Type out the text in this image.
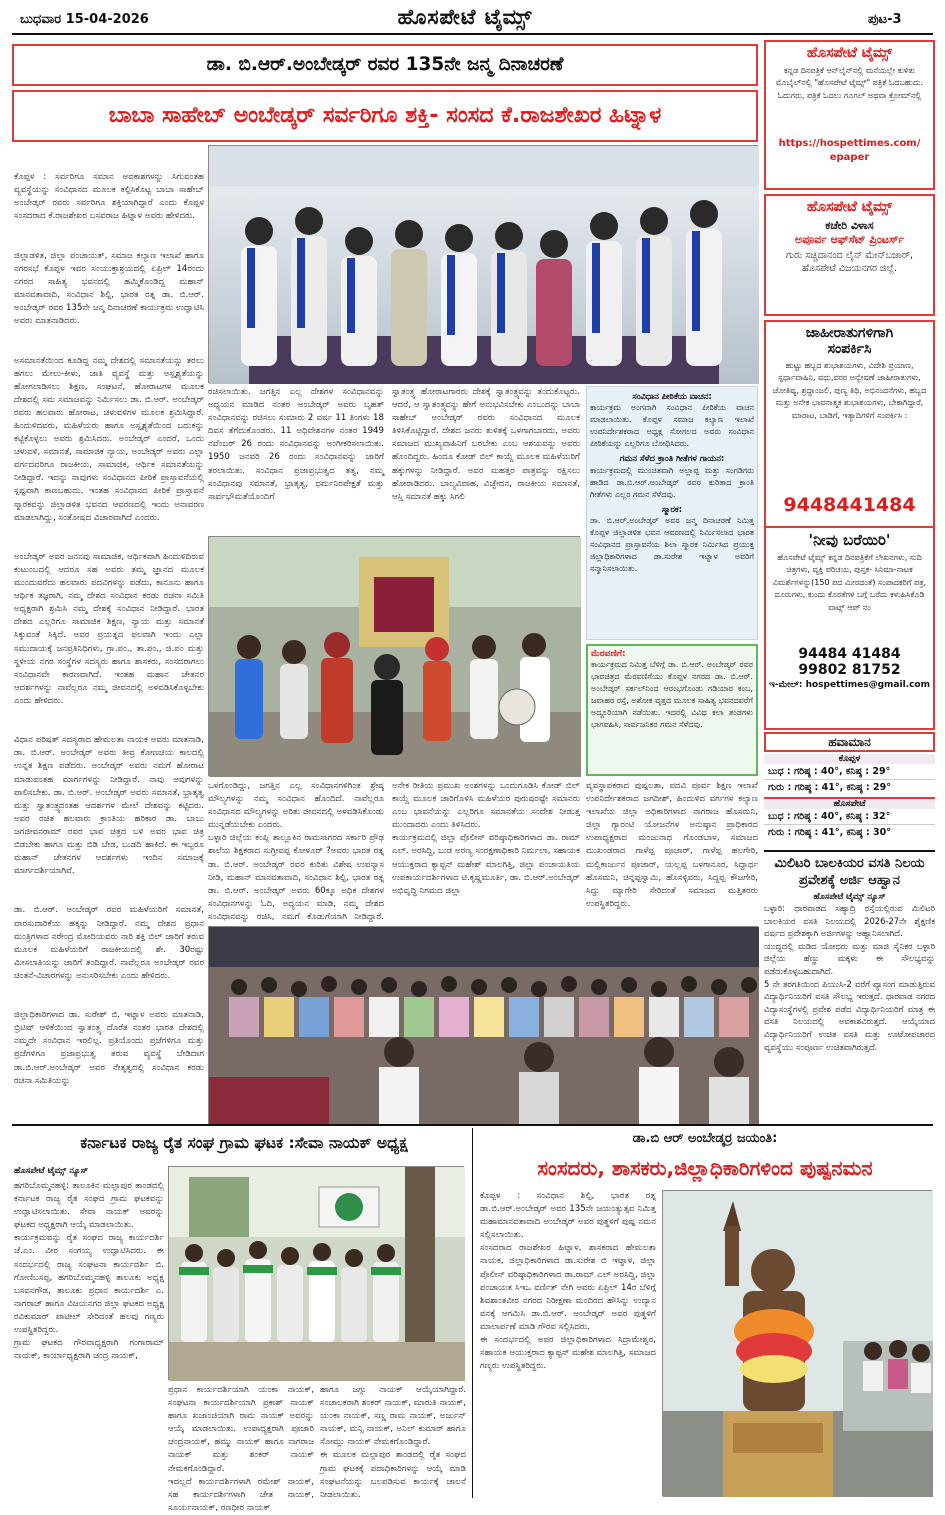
ಬುಧವಾರ 15-04-2026	ಹೊಸಪೇಟೆ ಟೈಮ್ಸ್	ಪುಟ-3
ಡಾ. ಬಿ.ಆರ್.ಅಂಬೇಡ್ಕರ್ ರವರ 135ನೇ ಜನ್ಮ ದಿನಾಚರಣೆ
ಬಾಬಾ ಸಾಹೇಬ್ ಅಂಬೇಡ್ಕರ್ ಸರ್ವರಿಗೂ ಶಕ್ತಿ- ಸಂಸದ ಕೆ.ರಾಜಶೇಖರ ಹಿಟ್ನಾಳ

ಕೊಪ್ಪಳ : ಸರ್ವರಿಗೂ ಸಮಾನ ಅವಕಾಶಗಳನ್ನು ಸಿಗುವಂತಹ ವ್ಯವಸ್ಥೆಯನ್ನು ಸಂವಿಧಾನದ ಮೂಲಕ ಕಲ್ಪಿಸಿಕೊಟ್ಟ ಬಾಬಾ ಸಾಹೇಬ್ ಅಂಬೇಡ್ಕರ್ ರವರು ಸರ್ವರಿಗೂ ಶಕ್ತಿಯಾಗಿದ್ದಾರೆ ಎಂದು ಕೊಪ್ಪಳ ಸಂಸದರಾದ ಕೆ.ರಾಜಶೇಖರ ಬಸವರಾಜ ಹಿಟ್ನಾಳ ಅವರು ಹೇಳಿದರು.

ಜಿಲ್ಲಾಡಳಿತ, ಜಿಲ್ಲಾ ಪಂಚಾಯತ್, ಸಮಾಜ ಕಲ್ಯಾಣ ಇಲಾಖೆ ಹಾಗೂ ನಗರಸಭೆ ಕೊಪ್ಪಳ ಇವರ ಸಂಯುಕ್ತಾಶ್ರಯದಲ್ಲಿ ಏಪ್ರಿಲ್ 14ರಂದು ನಗರದ ಸಾಹಿತ್ಯ ಭವನದಲ್ಲಿ ಹಮ್ಮಿಕೊಂಡಿದ್ದ ಮಹಾನ್ ಮಾನವತಾವಾದಿ, ಸಂವಿಧಾನ ಶಿಲ್ಪಿ, ಭಾರತ ರತ್ನ ಡಾ. ಬಿ.ಆರ್. ಅಂಬೇಡ್ಕರ್ ರವರ 135ನೇ ಜನ್ಮ ದಿನಾಚರಣೆ ಕಾರ್ಯಕ್ರಮ ಉದ್ಘಾಟಿಸಿ ಅವರು ಮಾತನಾಡಿದರು.

ಅಸಮಾನತೆಯಿಂದ ಕೂಡಿದ್ದ ನಮ್ಮ ದೇಶದಲ್ಲಿ ಸಮಾನತೆಯನ್ನು ತರಲು ಹಗಲು ಮೇಲು-ಕೀಳು, ಜಾತಿ ವ್ಯವಸ್ಥೆ ಮತ್ತು ಅಸ್ಪೃಶ್ಯತೆಯನ್ನು ಹೋಗಲಾಡಿಸಲು ಶಿಕ್ಷಣ, ಸಂಘಟನೆ, ಹೋರಾಟಗಳ ಮೂಲಕ ದೇಶದಲ್ಲಿ ಸಮ ಸಮಾಜವನ್ನು ನಿರ್ಮಿಸಲು ಡಾ. ಬಿ.ಆರ್. ಅಂಬೇಡ್ಕರ್ ರವರು ಹಲವಾರು ಹೋರಾಟ, ಚಳುವಳಿಗಳ ಮೂಲಕ ಶ್ರಮಿಸಿದ್ದಾರೆ. ಹಿಂದುಳಿದವರು, ಮಹಿಳೆಯರು ಹಾಗೂ ಅಸ್ಪೃಶ್ಯತೆಯಿಂದ ಬದುಕನ್ನು ಕಟ್ಟಿಕೊಳ್ಳಲು ಅವರು ಶ್ರಮಿಸಿದರು. ಅಂಬೇಡ್ಕರ್ ಎಂದರೆ, ಒಂದು ಚಳುವಳಿ, ಸಮಾನತೆ, ಸಾಮಾಜಿಕ ನ್ಯಾಯ, ಅಂಬೇಡ್ಕರ್ ಅವರು ಎಲ್ಲಾ ವರ್ಗದವರಿಗೂ ರಾಜಕೀಯ, ಸಾಮಾಜಿಕ, ಆರ್ಥಿಕ ಸಮಾನತೆಯನ್ನು ನೀಡಿದ್ದಾರೆ. ಇದನ್ನು ನಾವುಗಳು ಸಂವಿಧಾನದ ಪೀಠಿಕೆ ಪ್ರಾಸ್ತಾವನೆಯಲ್ಲಿ ಸ್ಪಷ್ಟವಾಗಿ ಕಾಣಬಹುದು. ಇಂತಹ ಸಂವಿಧಾನದ ಪೀಠಿಕೆ ಪ್ರಾಸ್ತಾವನೆ ಸ್ಮಾರಕವನ್ನು ಜಿಲ್ಲಾಡಳಿತ ಭವನದ ಆವರಣದಲ್ಲಿ ಇಂದು ಅನಾವರಣ ಮಾಡಲಾಗಿದ್ದು, ಸಂತೋಷದ ವಿಚಾರವಾಗಿದೆ ಎಂದರು.

ಅಂಬೇಡ್ಕರ್ ಅವರ ಜನನವು ಸಾಮಾಜಿಕ, ಆರ್ಥಿಕವಾಗಿ ಹಿಂದುಳಿದಿರುವ ಕುಟುಂಬದಲ್ಲಿ ಆದರೂ ಸಹ ಅವರು ತಮ್ಮ ಜ್ಞಾನದ ಮೂಲಕ ಮುಂದುವರೆದು ಹಲವಾರು ಪದವಿಗಳನ್ನು ಪಡೆದು, ಕಾನೂನು ಹಾಗೂ ಆರ್ಥಿಕ ತಜ್ಞರಾಗಿ, ನಮ್ಮ ದೇಶದ ಸಂವಿಧಾನ ಕರಡು ರಚನಾ ಸಮಿತಿ ಅಧ್ಯಕ್ಷರಾಗಿ ಶ್ರಮಿಸಿ ನಮ್ಮ ದೇಶಕ್ಕೆ ಸಂವಿಧಾನ ನೀಡಿದ್ದಾರೆ. ಭಾರತ ದೇಶದ ಎಲ್ಲರಿಗೂ ಸಾಮಾಜಿಕ ಶಿಕ್ಷಣ, ನ್ಯಾಯ ಮತ್ತು ಸಮಾನತೆ ಸಿಕ್ಕುವಂತೆ ಸಿಕ್ಕಿದೆ. ಅವರ ಪ್ರಯತ್ನದ ಫಲವಾಗಿ ಇಂದು ಎಲ್ಲಾ ಸಮುದಾಯಕ್ಕೆ ಜನಪ್ರತಿನಿಧಿಗಳು, ಗ್ರಾ.ಪಂ., ತಾ.ಪಂ., ಜಿ.ಪಂ ಮತ್ತು ಸ್ಥಳೀಯ ನಗರ ಸಂಸ್ಥೆಗಳ ಸದಸ್ಯರು ಹಾಗೂ ಶಾಸಕರು, ಸಂಸದರಾಗಲು ಸಂವಿಧಾನವೇ ಕಾರಣವಾಗಿದೆ. ಇಂತಹ ಮಹಾನ ಚೇತನರ ಆದರ್ಶಗಳನ್ನು ನಾವೆಲ್ಲರೂ ನಮ್ಮ ಜೀವನದಲ್ಲಿ ಅಳವಡಿಸಿಕೊಳ್ಳಬೇಕು ಎಂದು ಹೇಳಿದರು.

ವಿಧಾನ ಪರಿಷತ್ ಸದಸ್ಯರಾದ ಹೇಮಲತಾ ನಾಯಕ ಅವರು ಮಾತನಾಡಿ, ಡಾ. ಬಿ.ಆರ್. ಅಂಬೇಡ್ಕರ್ ಅವರು ತೀವ್ರ ಕೋಣಚಿಯ ಕಾಲದಲ್ಲಿ ಉನ್ನತ ಶಿಕ್ಷಣ ಪಡೆದರು. ಅಂಬೇಡ್ಕರ್ ಅವರು ನಮಗೆ ಹೋರಾಟ ಮಾಡುವಂತಹ ಮಾರ್ಗಗಳನ್ನು ನೀಡಿದ್ದಾರೆ. ನಾವು ಅವುಗಳನ್ನು ಪಾಲಿಸಬೇಕು. ಡಾ. ಬಿ.ಆರ್. ಅಂಬೇಡ್ಕರ್ ಅವರು ಸಮಾನತೆ, ಭ್ರಾತೃತ್ವ ಮತ್ತು ಸ್ವಾತಂತ್ರ್ಯದಂತಹ ಆದರ್ಶಗಳ ಮೇಲೆ ದೇಶವನ್ನು ಕಟ್ಟಿದರು. ಅವರ ರಚಿತ ಹಲವಾರು ಕ್ರಾಂತಿಯ ಹರಿಕಾರ ಡಾ. ಬಾಬು ಜಗಜೀವನರಾಮ್ ರವರ ಭಾವ ಚಿತ್ರದ ಬಳಿ ಅವರ ಭಾವ ಚಿತ್ರ ಬಿಡಬೇಕು ಹಾಗೂ ಮತ್ತು ಬಿಡಿ ಬೇಡ, ಬುಡದಿ ಹಾಕಿದೆ. ಈ ಇಬ್ಬರೂ ಮಹಾನ್ ಚೇತನಗಳ ಆದರ್ಶಗಳು ಇಂದಿನ ಸಮಾಜಕ್ಕೆ ಮಾರ್ಗದರ್ಶಿಯಾಗಿವೆ.

ಡಾ. ಬಿ.ಆರ್. ಅಂಬೇಡ್ಕರ್ ರವರ ಮಹಿಳೆಯರಿಗೆ ಸಮಾನತೆ, ವಾರಸುದಾರಿಕೆಯ ಹಕ್ಕನ್ನು ನೀಡಿದ್ದಾರೆ. ನಮ್ಮ ದೇಶದ ಪ್ರಧಾನ ಮಂತ್ರಿಗಳಾದ ನರೇಂದ್ರ ಮೋದಿಯವರು ನಾರಿ ಶಕ್ತಿ ಬಿಲ್ ಜಾರಿಗೆ ತರುವ ಮೂಲಕ ಮಹಿಳೆಯರಿಗೆ ರಾಜಕೀಯದಲ್ಲಿ ಶೇ. 30ರಷ್ಟು ಮೀಸಲಾತಿಯನ್ನು ಜಾರಿಗೆ ತಂದಿದ್ದಾರೆ. ನಾವೆಲ್ಲರೂ ಅಂಬೇಡ್ಕರ್ ರವರ ಚಿಂತನೆ-ವಿಚಾರಗಳನ್ನು ಅನುಸರಿಸಬೇಕು ಎಂದು ಹೇಳಿದರು.

ಜಿಲ್ಲಾಧಿಕಾರಿಗಳಾದ ಡಾ. ಸುರೇಶ್ ಬಿ. ಇಟ್ನಾಳ ಅವರು ಮಾತನಾಡಿ, ಬ್ರಿಟಿಷ್ ಆಳಿಕೆಯಿಂದ ಸ್ವಾತಂತ್ರ್ಯ ದೊರೆತ ನಂತರ ಭಾರತ ದೇಶದಲ್ಲಿ ನಮ್ಮದೇ ಸಂವಿಧಾನ ಇರಲಿಲ್ಲ. ಪ್ರತಿಯೊಂದು ಪ್ರಜೆಗಳಿಗೂ ಮತ್ತು ಪ್ರಜೆಗಳಿಗೂ ಪ್ರಜಾಪ್ರಭುತ್ವ ತರುವ ವ್ಯವಸ್ಥೆ ಬೇಡಿದಾಗ ಡಾ.ಬಿ.ಆರ್.ಅಂಬೇಡ್ಕರ್ ಅವರ ನೇತೃತ್ವದಲ್ಲಿ ಸಂವಿಧಾನ ಕರಡು ರಚನಾ ಸಮಿತಿಯನ್ನು

ರಚಿಸಲಾಯಿತು. ಜಗತ್ತಿನ ಎಲ್ಲ ದೇಶಗಳ ಸಂವಿಧಾನವನ್ನು ಅಧ್ಯಯನ ಮಾಡಿದ ನಂತರ ಅಂಬೇಡ್ಕರ್ ಅವರು ಬೃಹತ್ ಸಂವಿಧಾನವನ್ನು ರಚಿಸಲು ಸುಮಾರು 2 ವರ್ಷ 11 ತಿಂಗಳು 18 ದಿವಸ ತೆಗೆದುಕೊಂಡರು. 11 ಅಧಿವೇಶನಗಳ ನಂತರ 1949 ನವೆಂಬರ್ 26 ರಂದು ಸಂವಿಧಾನವನ್ನು ಅಂಗೀಕರಿಸಲಾಯಿತು. 1950 ಜನವರಿ 26 ರಂದು ಸಂವಿಧಾನವನ್ನು ಜಾರಿಗೆ ತರಲಾಯಿತು. ಸಂವಿಧಾನ ಪ್ರಜಾಪ್ರಭುತ್ವದ ತತ್ವ, ನಮ್ಮ ಸಂವಿಧಾನವು ಸಮಾನತೆ, ಭ್ರಾತೃತ್ವ, ಧರ್ಮನಿರಪೇಕ್ಷತೆ ಮತ್ತು ಸಾರ್ವಭೌಮತೆಯೊಂದಿಗೆ
ಸ್ವಾತಂತ್ರ್ಯ ಹೋರಾಟಗಾರರು ದೇಶಕ್ಕೆ ಸ್ವಾತಂತ್ರ್ಯವನ್ನು ತಂದುಕೊಟ್ಟರು. ಆದರೆ, ಆ ಸ್ವಾತಂತ್ರ್ಯವನ್ನು ಹೇಗೆ ಅನುಭವಿಸಬೇಕು ಎಂಬುದನ್ನು ಬಾಬಾ ಸಾಹೇಬ್ ಅಂಬೇಡ್ಕರ್ ರವರು ಸಂವಿಧಾನದ ಮೂಲಕ ತಿಳಿಸಿಕೊಟ್ಟಿದ್ದಾರೆ. ದೇಶದ ಜನರು ತುಳಿತಕ್ಕೆ ಒಳಗಾಗಬಾರದು, ಅವರು ಸಮಾಜದ ಮುಖ್ಯವಾಹಿನಿಗೆ ಬರಬೇಕು ಎಂಬ ಆಶಯವನ್ನು ಅವರು ಹೊಂದಿದ್ದರು. ಹಿಂದೂ ಕೋಡ್ ಬಿಲ್ ಕಾಯ್ದೆ ಮೂಲಕ ಮಹಿಳೆಯರಿಗೆ ಹಕ್ಕುಗಳನ್ನು ನೀಡಿದ್ದಾರೆ. ಅವರ ಮಹತ್ತರ ಪಾತ್ರವನ್ನು ರಕ್ಷಿಸಲು ಹೋರಾಡಿದರು. ಬಾಲ್ಯವಿವಾಹ, ವಿಚ್ಛೇದನ, ರಾಜಕೀಯ ಸಮಾನತೆ, ಆಸ್ತಿ ಸಮಾನತೆ ಹಕ್ಕು ಸಿಗಲಿ
ಸಂವಿಧಾನ ಪೀಠಿಕೆಯ ವಾಚನ:
ಕಾರ್ಯಕ್ರಮ ಅಂಗವಾಗಿ ಸಂವಿಧಾನ ಪೀಠಿಕೆಯ ವಾಚನ ಮಾಡಲಾಯಿತು. ಕೊಪ್ಪಳ ಸಮಾಜ ಕಲ್ಯಾಣ ಇಲಾಖೆ ಉಪನಿರ್ದೇಶಕರಾದ ಅಧ್ಯಕ್ಷ ಸೋಗಲದ ಅವರು ಸಂವಿಧಾನ ಪೀಠಿಕೆಯನ್ನು ಎಲ್ಲರಿಗೂ ಬೋಧಿಸಿದರು.
ಗಮನ ಸೆಳೆದ ಕ್ರಾಂತಿ ಗೀತೆಗಳ ಗಾಯನ:
ಕಾರ್ಯಕ್ರಮದಲ್ಲಿ ಮುಂಚಿತವಾಗಿ ಅಲ್ಲಾಪ್ಪ ಮತ್ತು ಸಂಗಡಿಗರು ಹಾಡಿದ ಡಾ.ಬಿ.ಆರ್.ಅಂಬೇಡ್ಕರ್ ರವರ ಕುರಿತಾದ ಕ್ರಾಂತಿ ಗೀತೆಗಳು ಎಲ್ಲರ ಗಮನ ಸೆಳೆದವು.
ಸ್ಮಾರಕ:
ಡಾ. ಬಿ.ಆರ್.ಅಂಬೇಡ್ಕರ್ ಅವರ ಜನ್ಮ ದಿನಾಚರಣೆ ನಿಮಿತ್ತ ಕೊಪ್ಪಳ ಜಿಲ್ಲಾಡಳಿತ ಭವನ ಆವರಣದಲ್ಲಿ ನಿರ್ಮಿಸಲಾದ ಭಾರತ ಸಂವಿಧಾನದ ಪ್ರಾಸ್ತಾವನೆಯ ಶಿಲಾ ಸ್ಮಾರಕ ನಿರ್ಮಿಸಿದ ಪ್ರಯುಕ್ತ ಜಿಲ್ಲಾಧಿಕಾರಿಗಳಾದ ಡಾ.ಸುರೇಶ ಇಟ್ನಾಳ ಅವರಿಗೆ ಸನ್ಮಾನಿಸಲಾಯಿತು.
ಮೆರವಣಿಗೆ:
ಕಾರ್ಯಕ್ರಮದ ನಿಮಿತ್ತ ಬೆಳಿಗ್ಗೆ ಡಾ. ಬಿ.ಆರ್. ಅಂಬೇಡ್ಕರ್ ರವರ ಭಾವಚಿತ್ರದ ಮೆರವಣಿಗೆಯು ಕೊಪ್ಪಳ ನಗರದ ಡಾ. ಬಿ.ಆರ್. ಅಂಬೇಡ್ಕರ್ ಸರ್ಕಲ್‌ನಿಂದ ಆರಂಭಗೊಂಡು ಗಡಿಯಾರ ಕಂಬ, ಜವಾಹರ ರಸ್ತೆ, ಅಶೋಕ ವೃತ್ತದ ಮೂಲಕ ಸಾಹಿತ್ಯ ಭವನದವರೆಗೆ ಅದ್ದೂರಿಯಾಗಿ ನಡೆಯಿತು. ಇದರಲ್ಲಿ ವಿವಿಧ ಕಲಾ ತಂಡಗಳು ಭಾಗವಹಿಸಿ, ಸಾರ್ವಜನಿಕರ ಗಮನ ಸೆಳೆದವು.
ಒಳಗೊಂಡಿದ್ದು, ಜಗತ್ತಿನ ಎಲ್ಲ ಸಂವಿಧಾನಗಳಿಗಿಂತ ಶ್ರೇಷ್ಠ ಮೌಲ್ಯಗಳನ್ನು ನಮ್ಮ ಸಂವಿಧಾನ ಹೊಂದಿದೆ. ನಾವೆಲ್ಲರೂ ಸಂವಿಧಾನದ ಮೌಲ್ಯಗಳನ್ನು ಅರಿತು ಜೀವನದಲ್ಲಿ ಅಳವಡಿಸಿಕೊಂಡು ಮುನ್ನಡೆಯಬೇಕು ಎಂದರು.
ಬಳ್ಳಾರಿ ಜಿಲ್ಲೆಯ ಕಂಪ್ಲಿ ತಾಲ್ಲೂಕಿನ ರಾಮಸಾಗರದ ಸರ್ಕಾರಿ ಪ್ರೌಢ ಶಾಲೆಯ ಶಿಕ್ಷಕರಾದ ಸುಗ್ರೀವಪ್ಪ ಕೋಳೂರ್ ?ಅವರು ಭಾರತ ರತ್ನ ಡಾ. ಬಿ.ಆರ್. ಅಂಬೇಡ್ಕರ್ ರವರ ಕುರಿತು ವಿಶೇಷ ಉಪನ್ಯಾಸ ನೀಡಿ, ಮಹಾನ್ ಮಾನವತಾವಾದಿ, ಸಂವಿಧಾನ ಶಿಲ್ಪಿ, ಭಾರತ ರತ್ನ ಡಾ. ಬಿ.ಆರ್. ಅಂಬೇಡ್ಕರ್ ಅವರು 60ಕ್ಕೂ ಅಧಿಕ ದೇಶಗಳ ಸಂವಿಧಾನಗಳನ್ನು ಓದಿ, ಅಧ್ಯಯನ ಮಾಡಿ, ನಮ್ಮ ದೇಶದ ಸಂವಿಧಾನವನ್ನು ರಚಿಸಿ, ನಮಗೆ ಕೊಡುಗೆಯಾಗಿ ನೀಡಿದ್ದಾರೆ.
ಅನೇಕ ರೀತಿಯ ಪ್ರಮುಖ ಅಂಶಗಳನ್ನು ಒಂದುಗೂಡಿಸಿ ಕೋಡ್ ಬಿಲ್ ಕಾಯ್ದೆ ಮೂಲಕ ಜಾರಿಗೊಳಿಸಿ ಮಹಿಳೆಯರ ಪುರುಷರಷ್ಟೇ ಸಮಾನರು ಎಂಬ ಭಾವನೆಯನ್ನು ಎಲ್ಲರಿಗೂ ಸಮಾನತೆಯ ಸಂದೇಶ ನೀಡುತ್ತ ಮುಂದಾದರು ಎಂದು ತಿಳಿಸಿದರು.
ಕಾರ್ಯಕ್ರಮದಲ್ಲಿ ಜಿಲ್ಲಾ ಪೊಲೀಸ್ ವರಿಷ್ಠಾಧಿಕಾರಿಗಳಾದ ಡಾ. ರಾಮ್ ಎಲ್. ಅರಸಿದ್ದಿ, ಬುಡ ಅರಣ್ಯ ಸಂರಕ್ಷಣಾಧಿಕಾರಿ ನಿರ್ಮಲಾ, ಸಹಾಯಕ ಆಯುಕ್ತರಾದ ಕ್ಯಾಪ್ಟನ್ ಮಹೇಶ್ ಮಾಲಗಿತ್ತಿ, ಜಿಲ್ಲಾ ಪಂಚಾಯತಿಯ ಉಪಕಾರ್ಯದರ್ಶಿಗಳಾದ ಟಿ.ಕೃಷ್ಣಮೂರ್ತಿ, ಡಾ. ಬಿ.ಆರ್.ಅಂಬೇಡ್ಕರ್ ಅಭಿವೃದ್ಧಿ ನಿಗಮದ ಜಿಲ್ಲಾ
ವ್ಯವಸ್ಥಾಪಕರಾದ ಪುಷ್ಪಲತಾ, ಪದವಿ ಪೂರ್ವ ಶಿಕ್ಷಣ ಇಲಾಖೆ ಉಪನಿರ್ದೇಶಕರಾದ ಜಗದೀಶ್, ಹಿಂದುಳಿದ ವರ್ಗಗಳ ಕಲ್ಯಾಣ ಇಲಾಖೆಯ ಜಿಲ್ಲಾ ಅಧಿಕಾರಿಗಳಾದ ನಾಗರಾಜ ಹೊಸಮನಿ, ಜಿಲ್ಲಾ ಗ್ಯಾರಂಟಿ ಯೋಜನೆಗಳ ಅನುಷ್ಠಾನ ಪ್ರಾಧಿಕಾರದ ಉಪಾಧ್ಯಕ್ಷರಾದ ಮಂಜುನಾಥ ಗೊಂಡಬಾಳ, ಸಮಾಜದ ಮುಖಂಡರಾದ ಗಾಳೆಪ್ಪ ಪೂಜಾರ್, ಗಾಳೆಪ್ಪ ಹಲಗೇರಿ, ಮಲ್ಲಿಕಾರ್ಜುನ ಪೂಜಾರ್, ಯಲ್ಲಪ್ಪ ಬಳಗಾನೂರ, ಸಿದ್ದಾರ್ಥ ಹೊಸಮನಿ, ಚಿನ್ನಪ್ಪಸ್ವಾಮಿ, ಹೊಸಳ್ಳಿವರು, ಸಿದ್ದಪ್ಪ ಕೌಜಗೇರಿ, ಸಿದ್ದು ಮ್ಯಾಗೇರಿ ಸೇರಿದಂತೆ ಸಮಾಜದ ಮತ್ತಿತರರು ಉಪಸ್ಥಿತರಿದ್ದರು.
ಹೊಸಪೇಟೆ ಟೈಮ್ಸ್
ಕನ್ನಡ ದಿನಪತ್ರಿಕೆ ಆನ್‌ಲೈನ್‌ನಲ್ಲಿ ಮನೆಯಲ್ಲೇ ಕುಳಿತು ಮೊಬೈಲ್‌ನಲ್ಲಿ "ಹೊಸಪೇಟೆ ಟೈಮ್ಸ್" ಪತ್ರಿಕೆ ಓದಬಹುದು. ಓದುಗರು, ಪತ್ರಿಕೆ ಓದಲು ಗೂಗಲ್ ಅಥವಾ ಕ್ರೋಮ್‌ನಲ್ಲಿ
https://hospettimes.com/ epaper
ಹೊಸಪೇಟೆ ಟೈಮ್ಸ್
ಕಚೇರಿ ವಿಳಾಸ
ಅಪೂರ್ವ ಆಫ್‌ಸೆಟ್ ಪ್ರಿಂಟರ್ಸ್
ಗುರು ಸಚ್ಚಿದಾನಂದ ಲೈನ್ ಮೇನ್‌ಬಜಾರ್, ಹೊಸಪೇಟೆ ವಿಜಯನಗರ ಜಿಲ್ಲೆ.
ಜಾಹೀರಾತುಗಳಿಗಾಗಿ
ಸಂಪರ್ಕಿಸಿ
ಹುಟ್ಟು ಹಬ್ಬದ ಶುಭಾಶಯಗಳು, ವಿದೇಶಿ ಪ್ರಯಾಣ, ಸ್ಪರ್ಧಾವಾಹಿನಿ, ವಧು,ವರರ ಅನ್ವೇಷಣೆ ಜಾಹೀರಾತುಗಳು, ಜೋತಿಷ್ಯ, ಶ್ರದ್ಧಾಂಜಲಿ, ಪುಣ್ಯ ತಿಥಿ, ಅಭಿನಂದನೆಗಳು, ಹಬ್ಬದ ಮತ್ತು ಅನೇಕ ಭಾವನಾತ್ಮಕ ಶುಭಾಶಯಗಳು, ಬೇಕಾಗಿದ್ದಾರೆ, ಮಾರಾಟ, ಬಾಡಿಗೆ, ಇತ್ಯಾದಿಗಳಿಗೆ ಸಂಪರ್ಕಿಸಿ :
9448441484
'ನೀವು ಬರೆಯಿರಿ'
ಹೊಸಪೇಟೆ ಟೈಮ್ಸ್ ಕನ್ನಡ ದಿನಪತ್ರಿಕೆಗೆ ಲೇಖನಗಳು, ಸುದಿ ಚಿತ್ರಗಳು, ವ್ಯಕ್ತಿ ಪರಿಚಯ, ಪುಸ್ತಕ- ಸಿನಿಮಾ-ನಾಟಕ ವಿಮರ್ಶೆಗಳನ್ನು(150 ಪದ ಮೀರದಂತೆ) ಸಂಪಾದಕರಿಗೆ ಪತ್ರ, ದೂರುಗಳು, ಕುಂದು ಕೊರತೆಗಳ ಬಗ್ಗೆ ಬರೆದು ಕಳುಹಿಸಿಕೊಡಿ ವಾಟ್ಸ್ ಆಪ್ ನಂ
94484 41484
99802 81752
ಇ-ಮೇಲ್: hospettimes@gmail.com
ಹವಾಮಾನ
ಕೊಪ್ಪಳ
ಬುಧ : ಗರಿಷ್ಠ : 40°, ಕನಿಷ್ಠ : 29°
ಗುರು : ಗರಿಷ್ಠ : 41°, ಕನಿಷ್ಠ : 29°
ಹೊಸಪೇಟೆ
ಬುಧ : ಗರಿಷ್ಠ : 40°, ಕನಿಷ್ಠ : 32°
ಗುರು : ಗರಿಷ್ಠ : 41°, ಕನಿಷ್ಠ : 30°
ಮಿಲಿಟರಿ ಬಾಲಕಿಯರ ವಸತಿ ನಿಲಯ ಪ್ರವೇಶಕ್ಕೆ ಅರ್ಜಿ ಆಹ್ವಾನ
ಹೊಸಪೇಟೆ ಟೈಮ್ಸ್ ನ್ಯೂಸ್
ಬಳ್ಳಾರಿ: ಧಾರವಾಡದ ಸಹ್ಯಾದ್ರಿ ರಸ್ತೆಯಲ್ಲಿರುವ ಮಿಲಿಟರಿ ಬಾಲಕಿಯರ ವಸತಿ ನಿಲಯದಲ್ಲಿ 2026-27ನೇ ಶೈಕ್ಷಣಿಕ ವರ್ಷದ ಪ್ರವೇಶಕ್ಕಾಗಿ ಅರ್ಜಿಗಳನ್ನು ಆಹ್ವಾನಿಸಲಾಗಿದೆ.
ಯುದ್ಧದಲ್ಲಿ ಮಡಿದ ಯೋಧರು ಮತ್ತು ಮಾಜಿ ಸೈನಿಕರ ಬಳ್ಳಾರಿ ಜಿಲ್ಲೆಯ ಹೆಣ್ಣು ಮಕ್ಕಳು ಈ ಸೌಲಭ್ಯವನ್ನು ಪಡೆದುಕೊಳ್ಳಬಹುದಾಗಿದೆ.
5 ನೇ ತರಗತಿಯಿಂದ ಪಿಯುಸಿ-2 ವರೆಗೆ ವ್ಯಾಸಂಗ ಮಾಡುತ್ತಿರುವ ವಿದ್ಯಾರ್ಥಿನಿಯರಿಗೆ ವಸತಿ ಸೌಲಭ್ಯ ಇರುತ್ತದೆ. ಧಾರವಾಡ ನಗರದ ವಿದ್ಯಾಸಂಸ್ಥೆಗಳಲ್ಲಿ ಪ್ರವೇಶ ಪಡೆದ ವಿದ್ಯಾರ್ಥಿನಿಯರಿಗೆ ಮಾತ್ರ ಈ ವಸತಿ ನಿಲಯದಲ್ಲಿ ಅವಕಾಶವಿರುತ್ತದೆ. ಆಯ್ಕೆಯಾದ ವಿದ್ಯಾರ್ಥಿನಿಯರಿಗೆ ಉಚಿತ ವಸತಿ ಮತ್ತು ಊಟೋಪಚಾರದ ವ್ಯವಸ್ಥೆಯು ಸಂಪೂರ್ಣ ಉಚಿತವಾಗಿರುತ್ತದೆ.
ಕರ್ನಾಟಕ ರಾಜ್ಯ ರೈತ ಸಂಘ ಗ್ರಾಮ ಘಟಕ :ಸೇವಾ ನಾಯಕ್ ಅಧ್ಯಕ್ಷ
ಹೊಸಪೇಟೆ ಟೈಮ್ಸ್ ನ್ಯೂಸ್
ಹಗರಿಬೊಮ್ಮನಹಳ್ಳಿ: ತಾಲೂಕಿನ ಮಲ್ಪಾಪುರ ತಾಂಡದಲ್ಲಿ ಕರ್ನಾಟಕ ರಾಜ್ಯ ರೈತ ಸಂಘದ ಗ್ರಾಮ ಘಟಕವನ್ನು ಉದ್ಘಾಟಿಸಲಾಯಿತು. ಸೇವಾ ನಾಯಕ್ ಅವರನ್ನು ಘಟಕದ ಅಧ್ಯಕ್ಷರಾಗಿ ಆಯ್ಕೆ ಮಾಡಲಾಯಿತು.
ಕಾರ್ಯಕ್ರಮವನ್ನು ರೈತ ಸಂಘದ ರಾಜ್ಯ ಕಾರ್ಯದರ್ಶಿ ಜೆ.ಎಂ. ವೀರ ಸಂಗಯ್ಯ ಉದ್ಘಾಟಿಸಿದರು. ಈ ಸಂದರ್ಭದಲ್ಲಿ ರಾಜ್ಯ ಸಂಘಟನಾ ಕಾರ್ಯದರ್ಶಿ ಬಿ. ಗೋಣಿಬಸಪ್ಪ, ಹಗರಿಬೊಮ್ಮನಹಳ್ಳಿ ತಾಲೂಕು ಅಧ್ಯಕ್ಷ ಬಸವನಗೌಡ, ತಾಲೂಕು ಪ್ರಧಾನ ಕಾರ್ಯದರ್ಶಿ ಎ. ನಾಗರಾಜ್ ಹಾಗೂ ವಿಜಯನಗರ ಜಿಲ್ಲಾ ಘಟಕದ ಅಧ್ಯಕ್ಷ ರವಿಕುಮಾರ್ ಪಾಟೀಲ್ ಸೇರಿದಂತೆ ಹಲವು ಗಣ್ಯರು ಉಪಸ್ಥಿತರಿದ್ದರು.
ಗ್ರಾಮ ಘಟಕದ ಗೌರವಾಧ್ಯಕ್ಷರಾಗಿ ಗಂಗಾರಾಮ್ ನಾಯಕ್, ಕಾರ್ಯಾಧ್ಯಕ್ಷರಾಗಿ ಚಂದ್ರ ನಾಯಕ್,
ಪ್ರಧಾನ ಕಾರ್ಯದರ್ಶಿಯಾಗಿ ಯಂಕಾ ನಾಯಕ್, ಸಂಘಟನಾ ಕಾರ್ಯದರ್ಶಿಯಾಗಿ ಪ್ರಕಾಶ್ ನಾಯಕ್ ಹಾಗೂ ಖಜಾಂಚಿಯಾಗಿ ರಾಮ ನಾಯಕ್ ಅವರನ್ನು ಆಯ್ಕೆ ಮಾಡಲಾಯಿತು. ಉಪಾಧ್ಯಕ್ಷರಾಗಿ ಪೂಜಾರಿ ಚಂದ್ರನಾಯಕ್, ಹಮ್ಮು ನಾಯಕ್ ಹಾಗೂ ನಾಗರಾಜ ನಾಯಕ್ ಮತ್ತು ಶಂಕರ್ ನಾಯಕ್ ನೇಮಕಗೊಂಡಿದ್ದಾರೆ.
ಇದಲ್ಲದೆ ಕಾರ್ಯದರ್ಶಿಗಳಾಗಿ ರಮೇಶ್ ನಾಯಕ್, ಸಹ ಕಾರ್ಯದರ್ಶಿಗಳಾಗಿ ಚೇತ ನಾಯಕ್, ಸೂರ್ಯನಾಯಕ್, ರಣಧೀರ ನಾಯಕ್
ಹಾಗೂ ಜಗ್ಗು ನಾಯಕ್ ಆಯ್ಕೆಯಾಗಿದ್ದಾರೆ. ಸಂಚಾಲಕರಾಗಿ ಶಂಕರ್ ನಾಯಕ್, ಮಾರುತಿ ನಾಯಕ್, ಯಂಕಾ ನಾಯಕ್, ಸಣ್ಣ ರಾಮ ನಾಯಕ್, ಅರ್ಜುನ್ ನಾಯಕ್, ಮನ್ಸಿ ನಾಯಕ್, ಅನಿಲ್ ಕುಮಾರ್ ಹಾಗೂ ಸೋಮ್ಲು ನಾಯಕ್ ನೇಮಕಗೊಂಡಿದ್ದಾರೆ.
ಈ ಮೂಲಕ ಮಲ್ಪಾಪುರ ತಾಂಡದಲ್ಲಿ ರೈತ ಸಂಘದ ಗ್ರಾಮ ಘಟಕಕ್ಕೆ ಪದಾಧಿಕಾರಿಗಳನ್ನು ಆಯ್ಕೆ ಮಾಡಿ ಸಂಘಟನೆಯನ್ನು ಬಲಪಡಿಸುವ ಕಾರ್ಯಕ್ಕೆ ಚಾಲನೆ ನೀಡಲಾಯಿತು.
ಡಾ.ಬಿ ಆರ್ ಅಂಬೇಡ್ಕರ್ರ ಜಯಂತಿ:
ಸಂಸದರು, ಶಾಸಕರು,ಜಿಲ್ಲಾಧಿಕಾರಿಗಳಿಂದ ಪುಷ್ಪನಮನ
ಕೊಪ್ಪಳ : ಸಂವಿಧಾನ ಶಿಲ್ಪಿ, ಭಾರತ ರತ್ನ ಡಾ.ಬಿ.ಆರ್.ಅಂಬೇಡ್ಕರ್ ಅವರ 135ನೇ ಜಯಂತ್ಯುತ್ಸವ ನಿಮಿತ್ತ ಮಹಾಮಾನವತಾವಾದಿ ಅಂಬೇಡ್ಕರ್ ಅವರ ಪುತ್ಥಳಿಗೆ ಪುಷ್ಪ ನಮನ ಸಲ್ಲಿಸಲಾಯಿತು.
ಸಂಸದರಾದ ರಾಜಶೇಖರ ಹಿಟ್ನಾಳ, ಶಾಸಕರಾದ ಹೇಮಲತಾ ನಾಯಕ, ಜಿಲ್ಲಾಧಿಕಾರಿಗಳಾದ ಡಾ.ಸುರೇಶ ಬಿ ಇಟ್ನಾಳ, ಜಿಲ್ಲಾ ಪೊಲೀಸ್ ವರಿಷ್ಠಾಧಿಕಾರಿಗಳಾದ ಡಾ.ರಾಮ್ ಎಲ್ ಅರಸಿದ್ದಿ, ಜಿಲ್ಲಾ ಪಂಚಾಯತ ಸಿಇಒ ವರ್ಣಿತ್ ನೇಗಿ ಅವರು ಏಪ್ರಿಲ್ 14ರ ಬೆಳಿಗ್ಗೆ ಶಿವಶಾಂತವೀರ ನಗರದ ನಿರೀಕ್ಷಣಾ ಮಂದಿರದ ಹೌಸಿನ್ನು ಉದ್ಯಾನ ವನಕ್ಕೆ ಆಗಮಿಸಿ ಡಾ.ಬಿ.ಆರ್. ಅಂಬೇಡ್ಕರ್ ಅವರ ಪುತ್ಥಳಿಗೆ ಮಾಲಾರ್ಪಣೆ ಮಾಡಿ ಗೌರವ ಸಲ್ಲಿಸಿದರು.
ಈ ಸಂದರ್ಭದಲ್ಲಿ ಅಪರ ಜಿಲ್ಲಾಧಿಕಾರಿಗಳಾದ ಸಿದ್ರಾಮೇಶ್ವರ, ಸಹಾಯಕ ಆಯುಕ್ತರಾದ ಕ್ಯಾಪ್ಟನ್ ಮಹೇಶ ಮಾಲಗಿತ್ತಿ, ಸಮಾಜದ ಗಣ್ಯರು ಉಪಸ್ಥಿತರಿದ್ದರು.
